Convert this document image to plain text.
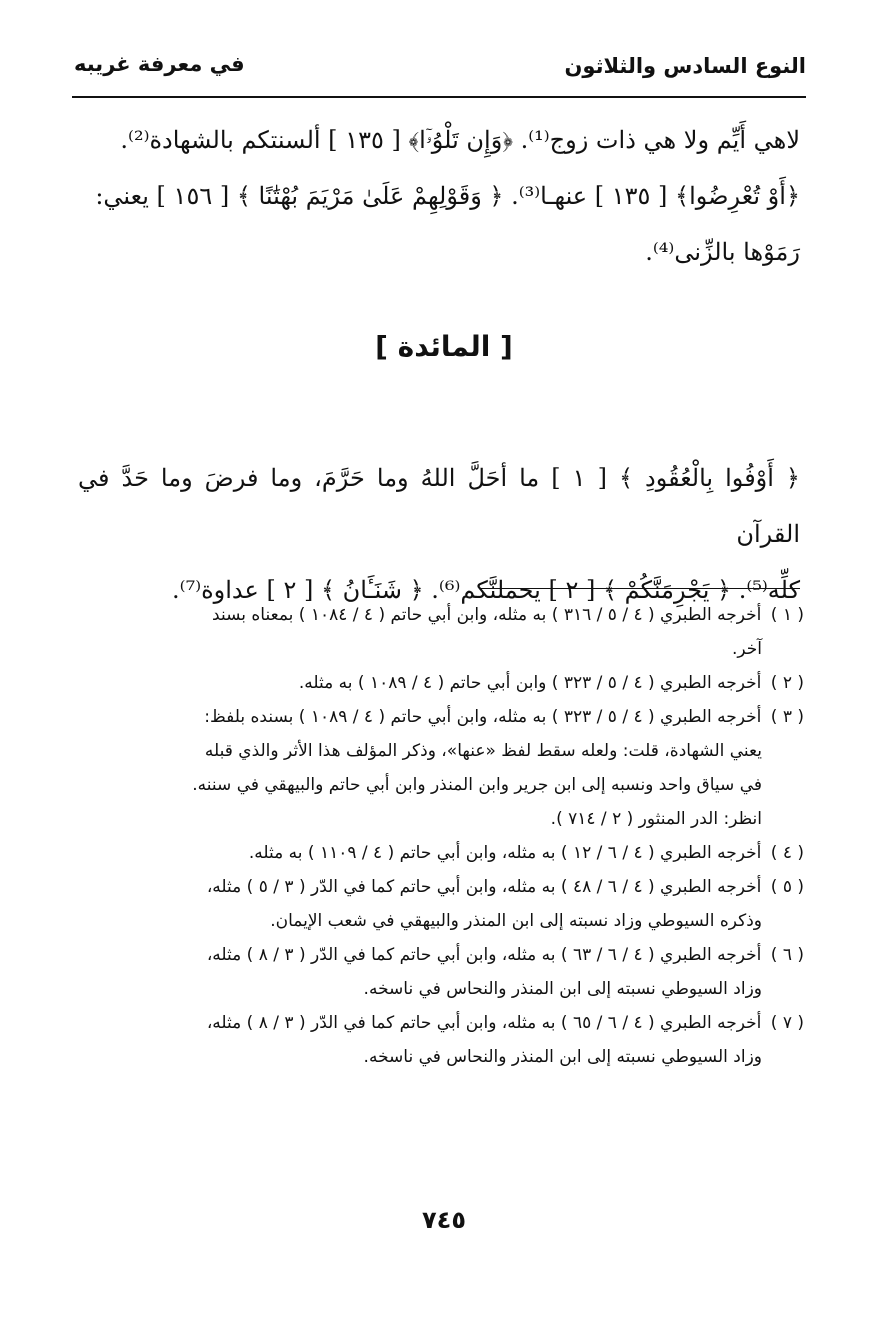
النوع السادس والثلاثون
في معرفة غريبه
لاهي أَيِّم ولا هي ذات زوج⁽¹⁾. ﴿وَإِن تَلْوُۥٓا﴾ [ ١٣٥ ] ألسنتكم بالشهادة⁽²⁾.
﴿أَوْ تُعْرِضُوا﴾ [ ١٣٥ ] عنهـا⁽³⁾. ﴿ وَقَوْلِهِمْ عَلَىٰ مَرْيَمَ بُهْتَٰنًا ﴾ [ ١٥٦ ] يعني:
رَمَوْها بالزِّنى⁽⁴⁾.
[ المائدة ]
﴿ أَوْفُوا بِالْعُقُودِ ﴾ [ ١ ] ما أحَلَّ اللهُ وما حَرَّمَ، وما فرضَ وما حَدَّ في القرآن
كلِّه⁽⁵⁾. ﴿ يَجْرِمَنَّكُمْ ﴾ [ ٢ ] يحملنَّكم⁽⁶⁾. ﴿ شَنَـَٔانُ ﴾ [ ٢ ] عداوة⁽⁷⁾.
( ١ ) أخرجه الطبري ( ٤ / ٥ / ٣١٦ ) به مثله، وابن أبي حاتم ( ٤ / ١٠٨٤ ) بمعناه بسند
آخر.
( ٢ ) أخرجه الطبري ( ٤ / ٥ / ٣٢٣ ) وابن أبي حاتم ( ٤ / ١٠٨٩ ) به مثله.
( ٣ ) أخرجه الطبري ( ٤ / ٥ / ٣٢٣ ) به مثله، وابن أبي حاتم ( ٤ / ١٠٨٩ ) بسنده بلفظ:
يعني الشهادة، قلت: ولعله سقط لفظ «عنها»، وذكر المؤلف هذا الأثر والذي قبله
في سياق واحد ونسبه إلى ابن جرير وابن المنذر وابن أبي حاتم والبيهقي في سننه.
انظر: الدر المنثور ( ٢ / ٧١٤ ).
( ٤ ) أخرجه الطبري ( ٤ / ٦ / ١٢ ) به مثله، وابن أبي حاتم ( ٤ / ١١٠٩ ) به مثله.
( ٥ ) أخرجه الطبري ( ٤ / ٦ / ٤٨ ) به مثله، وابن أبي حاتم كما في الدّر ( ٣ / ٥ ) مثله،
وذكره السيوطي وزاد نسبته إلى ابن المنذر والبيهقي في شعب الإيمان.
( ٦ ) أخرجه الطبري ( ٤ / ٦ / ٦٣ ) به مثله، وابن أبي حاتم كما في الدّر ( ٣ / ٨ ) مثله،
وزاد السيوطي نسبته إلى ابن المنذر والنحاس في ناسخه.
( ٧ ) أخرجه الطبري ( ٤ / ٦ / ٦٥ ) به مثله، وابن أبي حاتم كما في الدّر ( ٣ / ٨ ) مثله،
وزاد السيوطي نسبته إلى ابن المنذر والنحاس في ناسخه.
٧٤٥
